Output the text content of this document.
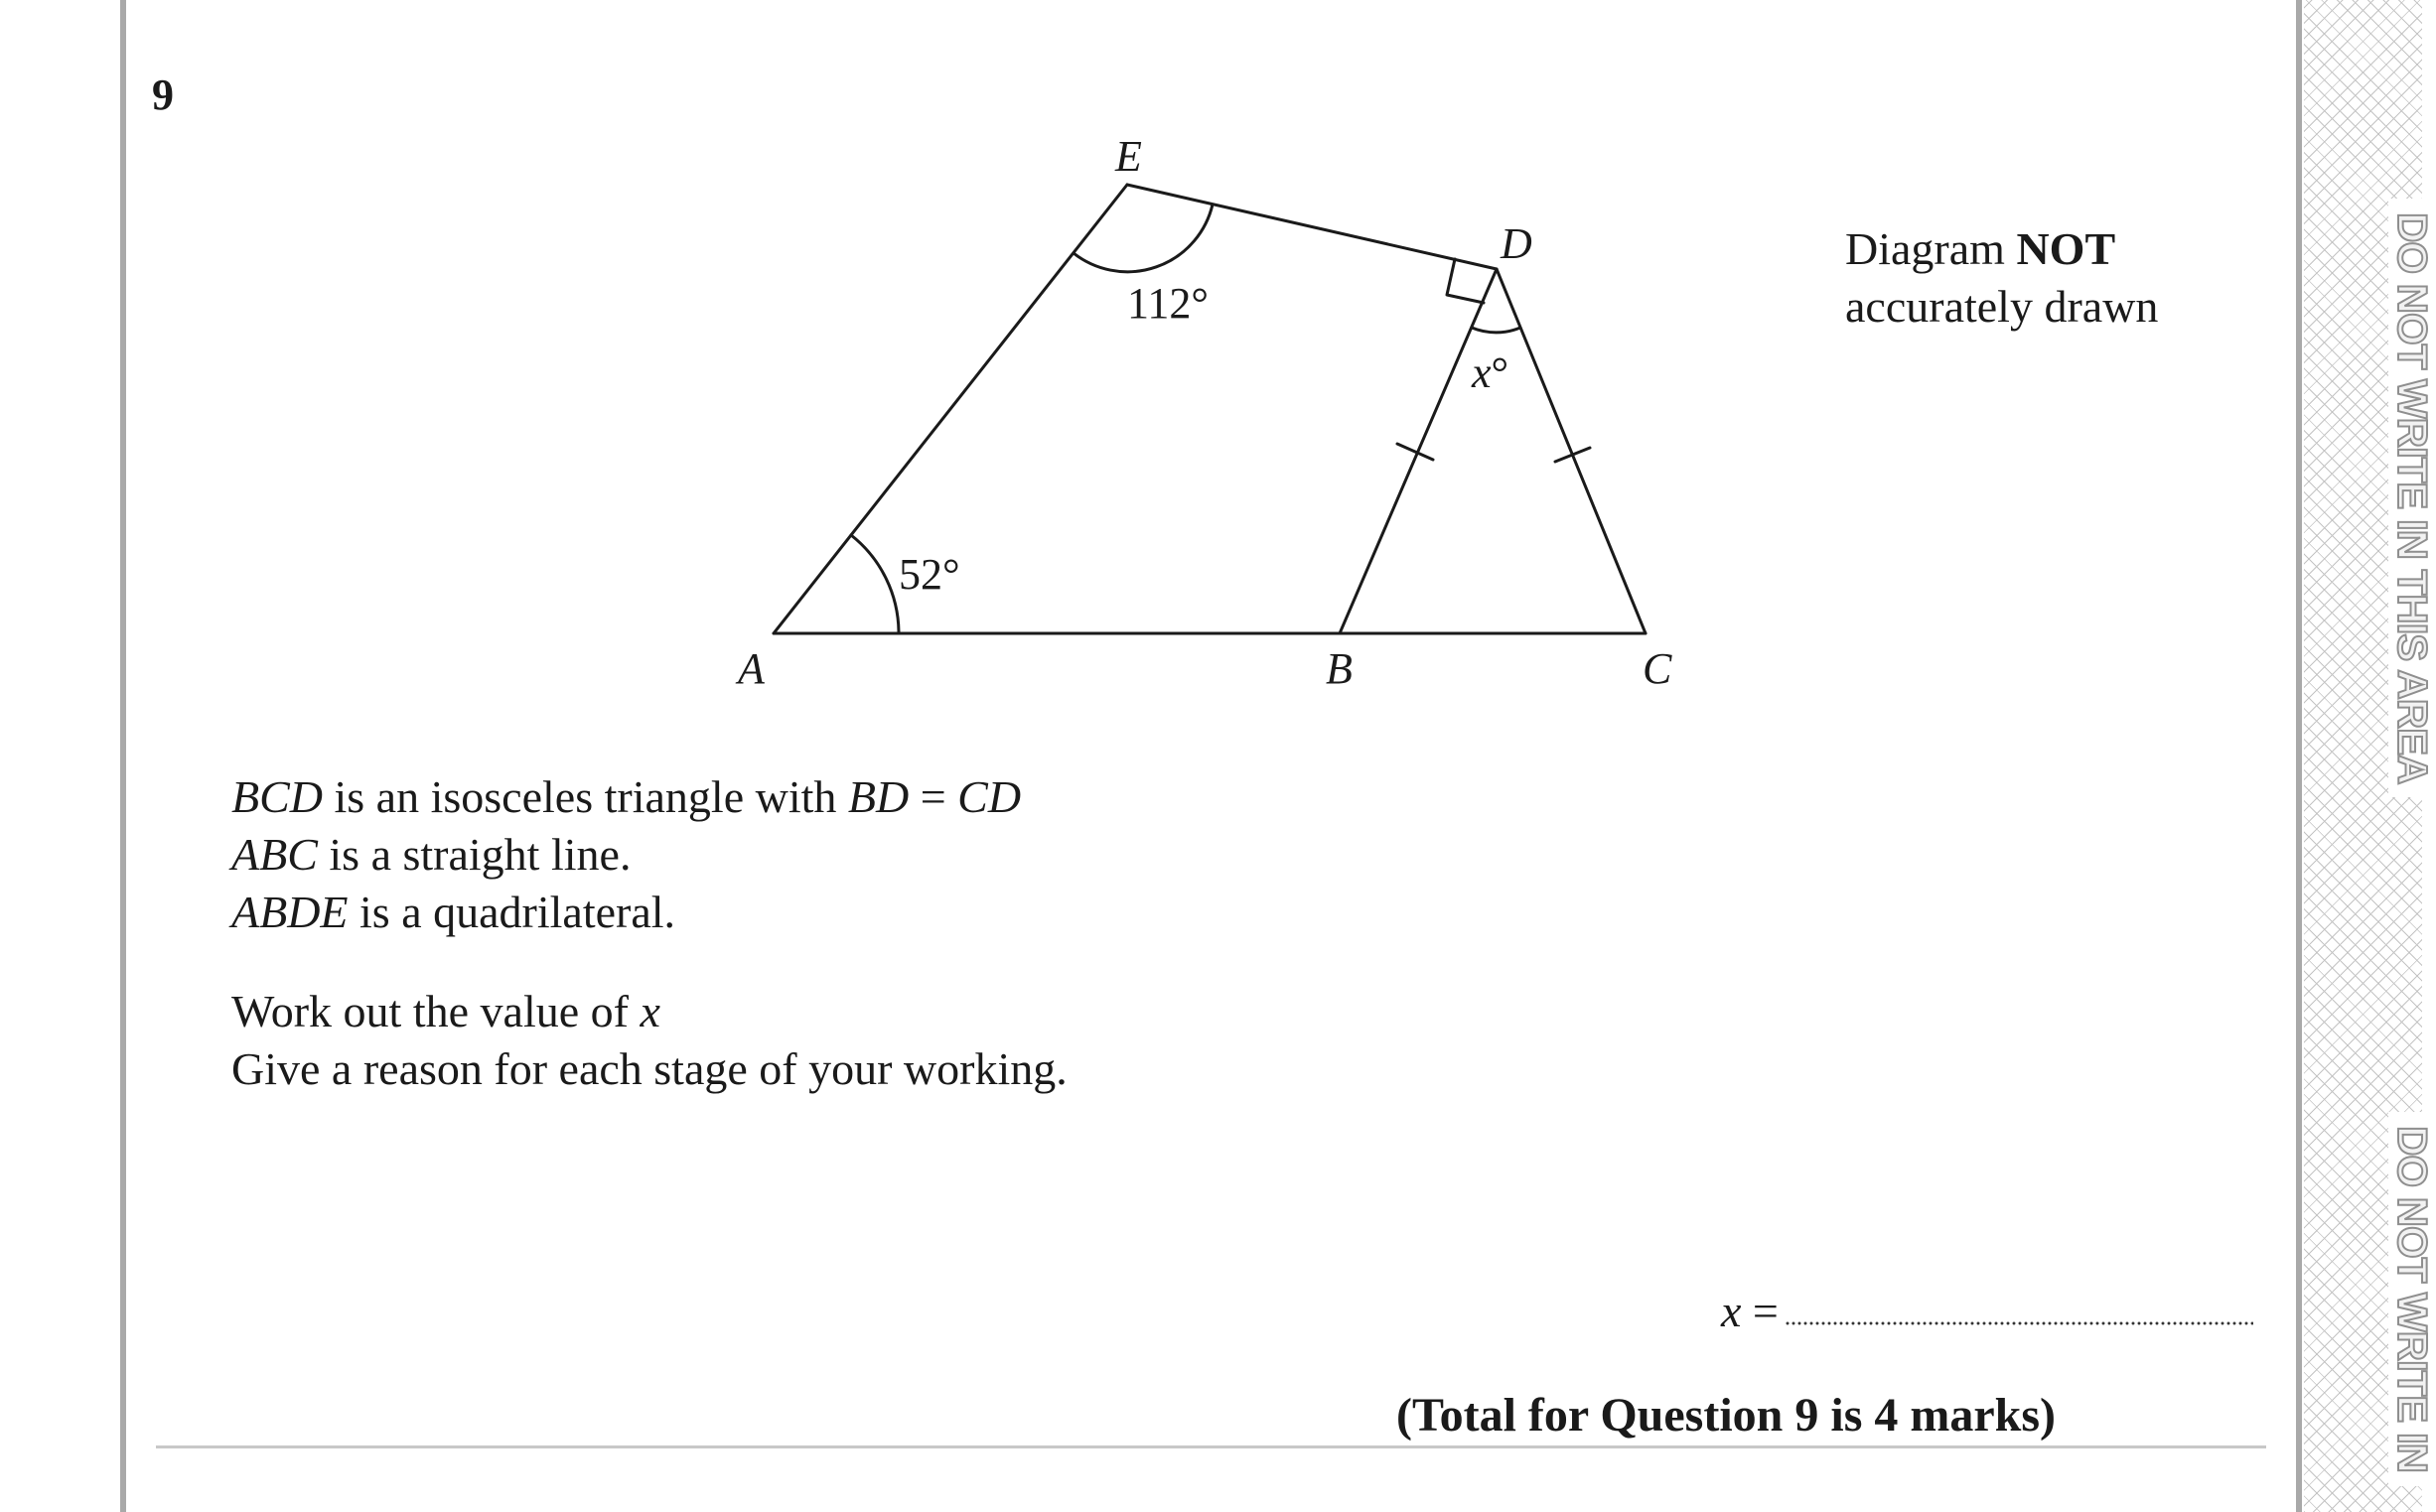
DO NOT WRITE IN THIS AREA
DO NOT WRITE IN
9
E
D
A	B	C
112°
52°
x°
Diagram NOT
accurately drawn
BCD is an isosceles triangle with BD = CD
ABC is a straight line.
ABDE is a quadrilateral.
Work out the value of x
Give a reason for each stage of your working.
x =
(Total for Question 9 is 4 marks)
